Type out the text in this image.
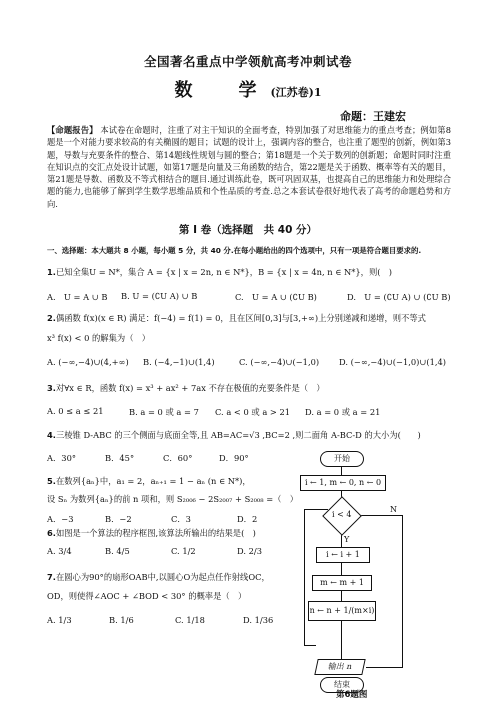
全国著名重点中学领航高考冲刺试卷
数　学(江苏卷)1
命题：王建宏
【命题报告】 本试卷在命题时，注重了对主干知识的全面考查，特别加强了对思维能力的重点考查；例如第8题是一个对能力要求较高的有关椭圆的题目；试题的设计上，强调内容的整合，也注重了题型的创新，例如第3题，导数与充要条件的整合、第14题线性规划与圆的整合；第18题是一个关于数列的创新题；命题时同时注重在知识点的交汇点处设计试题，如第17题是向量及三角函数的结合，第22题是关于函数、概率等有关的题目，第21题是导数、函数及不等式相结合的题目.通过训练此卷，既可巩固双基，也提高自己的思维能力和处理综合题的能力,也能够了解到学生数学思维品质和个性品质的考查.总之本套试卷很好地代表了高考的命题趋势和方向.
第 I 卷（选择题　共 40 分）
一、选择题：本大题共 8 小题，每小题 5 分，共 40 分.在每小题给出的四个选项中，只有一项是符合题目要求的.
1.已知全集U = N*，集合 A = {x | x = 2n, n ∈ N*}，B = {x | x = 4n, n ∈ N*}，则(　)
A.　U = A ∪ B B. U = (∁U A) ∪ B	C.　U = A ∪ (∁U B)	D.　U = (∁U A) ∪ (∁U B)
2.偶函数 f(x)(x ∈ R) 满足：f(−4) = f(1) = 0，且在区间[0,3]与[3,+∞)上分别递减和递增，则不等式
x³ f(x) < 0 的解集为（　）
A. (−∞,−4)∪(4,+∞) B. (−4,−1)∪(1,4)	C. (−∞,−4)∪(−1,0) D. (−∞,−4)∪(−1,0)∪(1,4)
3.对∀x ∈ R，函数 f(x) = x³ + ax² + 7ax 不存在极值的充要条件是（　）
A. 0 ≤ a ≤ 21	B. a = 0 或 a = 7 C. a < 0 或 a > 21 D. a = 0 或 a = 21
4.三棱锥 D-ABC 的三个侧面与底面全等,且 AB=AC=√3 ,BC=2 ,则二面角 A-BC-D 的大小为(　　)
A．30°	B．45°	C．60°	D．90°
5.在数列{aₙ}中，a₁ = 2，aₙ₊₁ = 1 − aₙ (n ∈ N*)，
设 Sₙ 为数列{aₙ}的前 n 项和，则 S₂₀₀₆ − 2S₂₀₀₇ + S₂₀₀₈ =（　）
A．−3	B．−2	C．3	D．2
6.如图是一个算法的程序框图,该算法所输出的结果是(　)
A. 3/4	B. 4/5	C. 1/2	D. 2/3
7.在圆心为90°的扇形OAB中,以圆心O为起点任作射线OC，
OD，则使得∠AOC + ∠BOD < 30° 的概率是（　）
A. 1/3	B. 1/6	C. 1/18	D. 1/36
开始
i ← 1, m ← 0, n ← 0
i < 4
N
Y
i ← i + 1
m ← m + 1
n ← n + 1/(m×i)
输出 n
结束
第6题图
